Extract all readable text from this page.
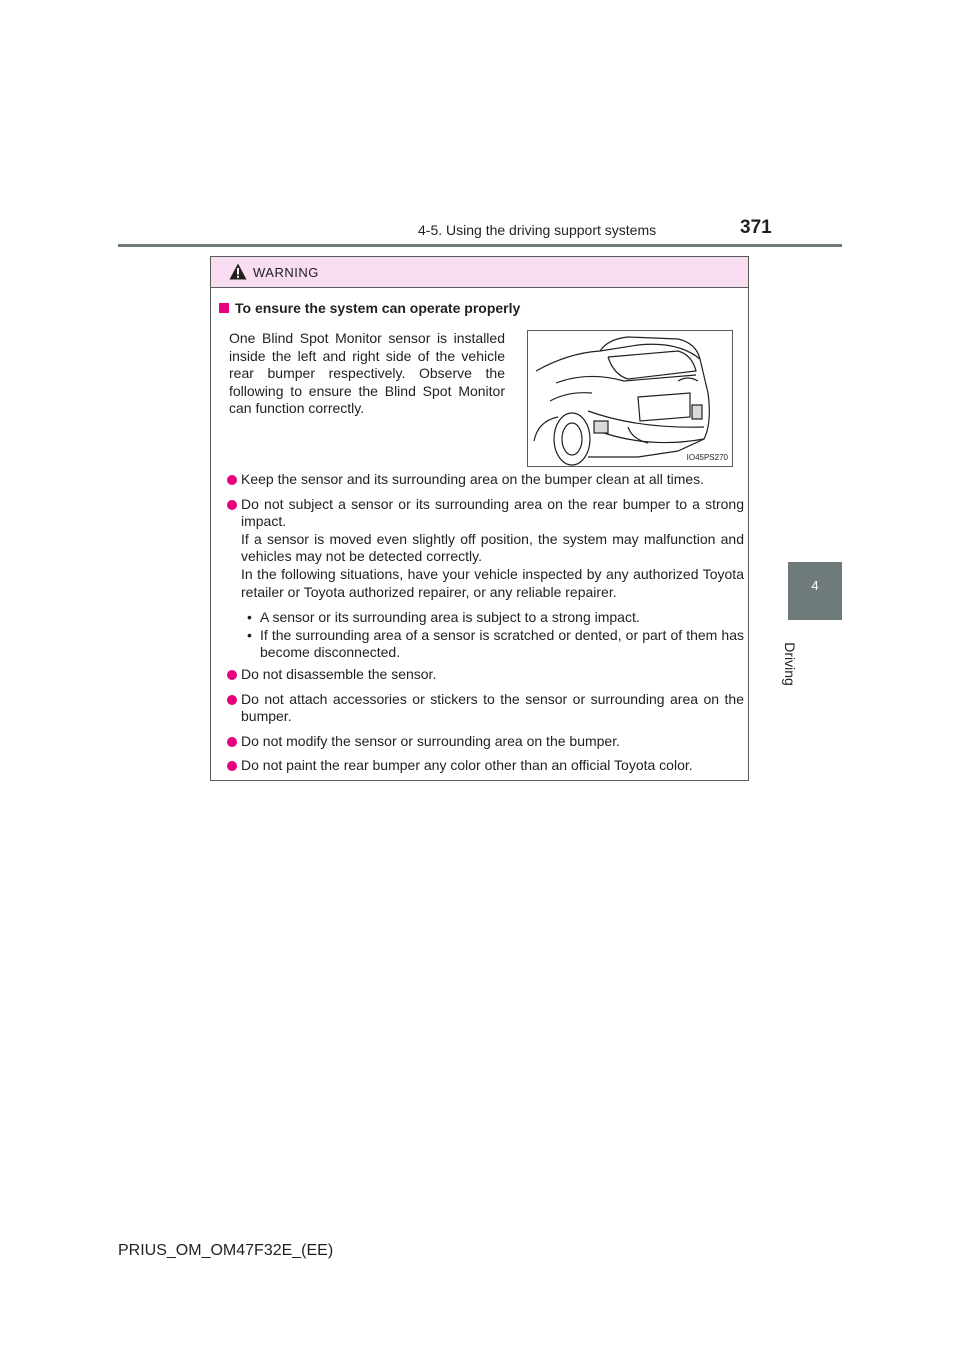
4-5. Using the driving support systems	371
4
Driving
WARNING
To ensure the system can operate properly
One Blind Spot Monitor sensor is installed inside the left and right side of the vehicle rear bumper respectively. Observe the following to ensure the Blind Spot Monitor can function correctly.
IO45PS270
Keep the sensor and its surrounding area on the bumper clean at all times.
Do not subject a sensor or its surrounding area on the rear bumper to a strong impact.
If a sensor is moved even slightly off position, the system may malfunction and vehicles may not be detected correctly.
In the following situations, have your vehicle inspected by any authorized Toyota retailer or Toyota authorized repairer, or any reliable repairer.
• A sensor or its surrounding area is subject to a strong impact.
• If the surrounding area of a sensor is scratched or dented, or part of them has become disconnected.
Do not disassemble the sensor.
Do not attach accessories or stickers to the sensor or surrounding area on the bumper.
Do not modify the sensor or surrounding area on the bumper.
Do not paint the rear bumper any color other than an official Toyota color.
PRIUS_OM_OM47F32E_(EE)
